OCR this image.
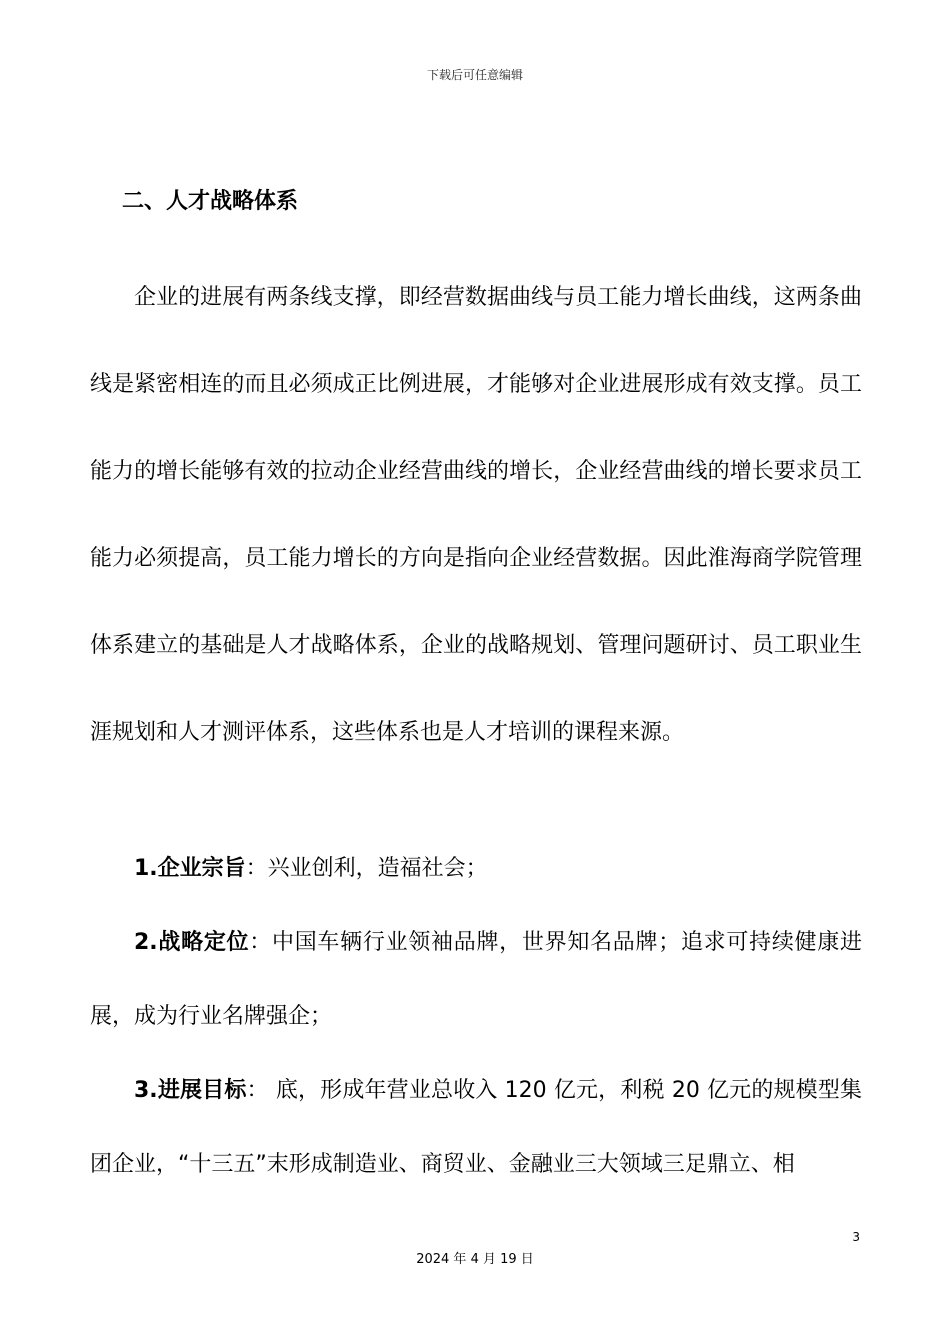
下载后可任意编辑
二、人才战略体系

企业的进展有两条线支撑，即经营数据曲线与员工能力增长曲线，这两条曲线是紧密相连的而且必须成正比例进展，才能够对企业进展形成有效支撑。员工能力的增长能够有效的拉动企业经营曲线的增长，企业经营曲线的增长要求员工能力必须提高，员工能力增长的方向是指向企业经营数据。因此淮海商学院管理体系建立的基础是人才战略体系，企业的战略规划、管理问题研讨、员工职业生涯规划和人才测评体系，这些体系也是人才培训的课程来源。

1.企业宗旨：兴业创利，造福社会；

2.战略定位：中国车辆行业领袖品牌，世界知名品牌；追求可持续健康进展，成为行业名牌强企；

3.进展目标： 底，形成年营业总收入 120 亿元，利税 20 亿元的规模型集团企业，“十三五”末形成制造业、商贸业、金融业三大领域三足鼎立、相

3
2024 年 4 月 19 日
